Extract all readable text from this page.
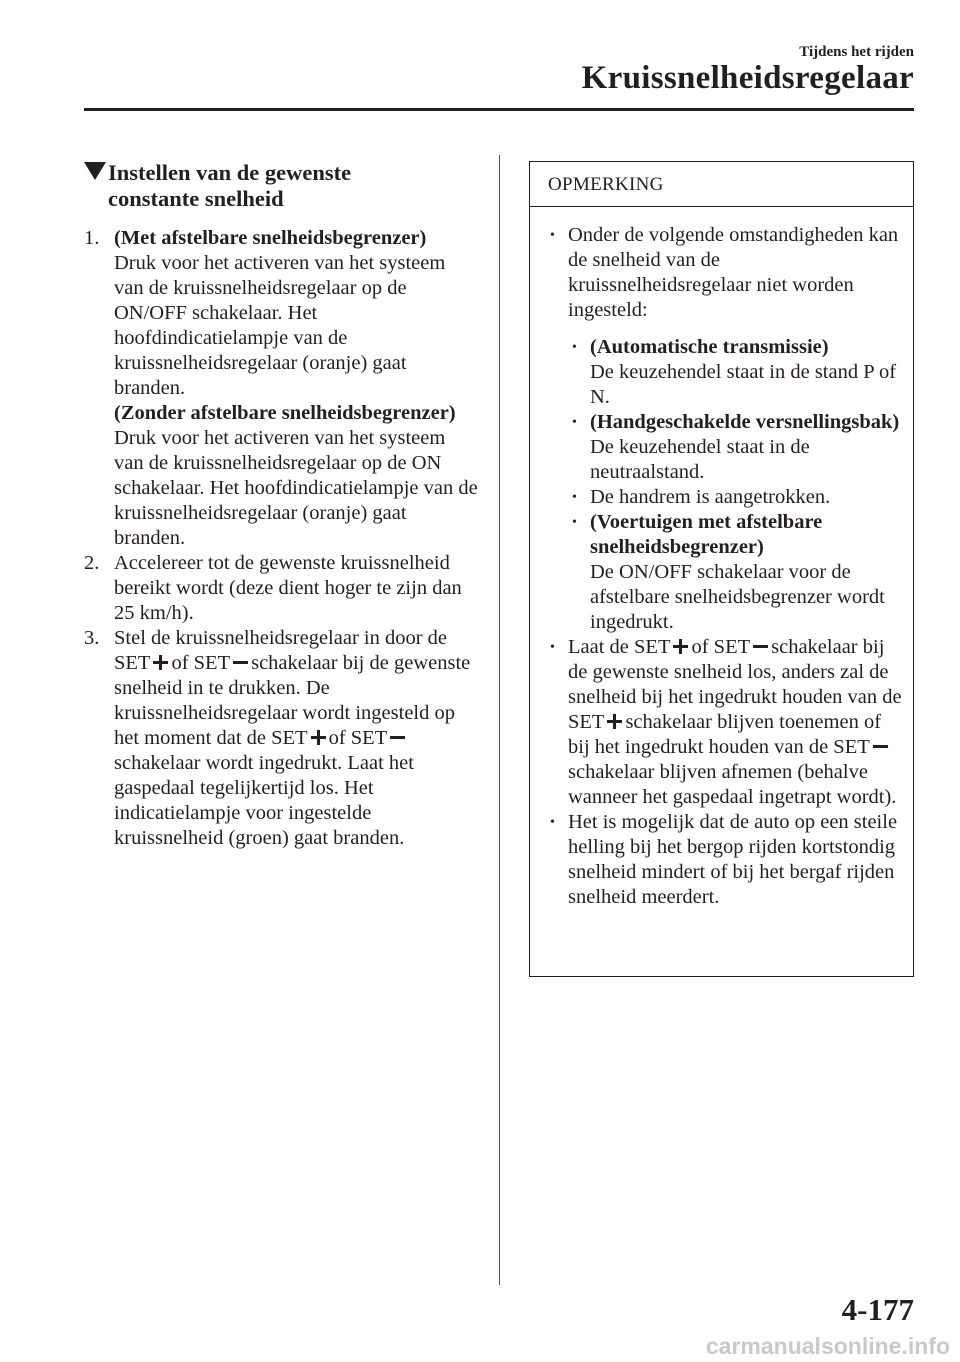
Tijdens het rijden
Kruissnelheidsregelaar
Instellen van de gewenste
constante snelheid
1. (Met afstelbare snelheidsbegrenzer)
Druk voor het activeren van het systeem van de kruissnelheidsregelaar op de ON/OFF schakelaar. Het hoofdindicatielampje van de kruissnelheidsregelaar (oranje) gaat branden.
(Zonder afstelbare snelheidsbegrenzer)
Druk voor het activeren van het systeem van de kruissnelheidsregelaar op de ON schakelaar. Het hoofdindicatielampje van de kruissnelheidsregelaar (oranje) gaat branden.
2. Accelereer tot de gewenste kruissnelheid bereikt wordt (deze dient hoger te zijn dan 25 km/h).
3. Stel de kruissnelheidsregelaar in door de SET of SET schakelaar bij de gewenste snelheid in te drukken. De kruissnelheidsregelaar wordt ingesteld op het moment dat de SET of SETschakelaar wordt ingedrukt. Laat het gaspedaal tegelijkertijd los. Het indicatielampje voor ingestelde kruissnelheid (groen) gaat branden.
OPMERKING
• Onder de volgende omstandigheden kan de snelheid van de kruissnelheidsregelaar niet worden ingesteld:
• (Automatische transmissie)
De keuzehendel staat in de stand P of N.
• (Handgeschakelde versnellingsbak)
De keuzehendel staat in de neutraalstand.
• De handrem is aangetrokken.
• (Voertuigen met afstelbare snelheidsbegrenzer)
De ON/OFF schakelaar voor de afstelbare snelheidsbegrenzer wordt ingedrukt.
• Laat de SET of SET schakelaar bij de gewenste snelheid los, anders zal de snelheid bij het ingedrukt houden van de SET schakelaar blijven toenemen of bij het ingedrukt houden van de SETschakelaar blijven afnemen (behalve wanneer het gaspedaal ingetrapt wordt).
• Het is mogelijk dat de auto op een steile helling bij het bergop rijden kortstondig snelheid mindert of bij het bergaf rijden snelheid meerdert.
4-177
carmanualsonline.info
